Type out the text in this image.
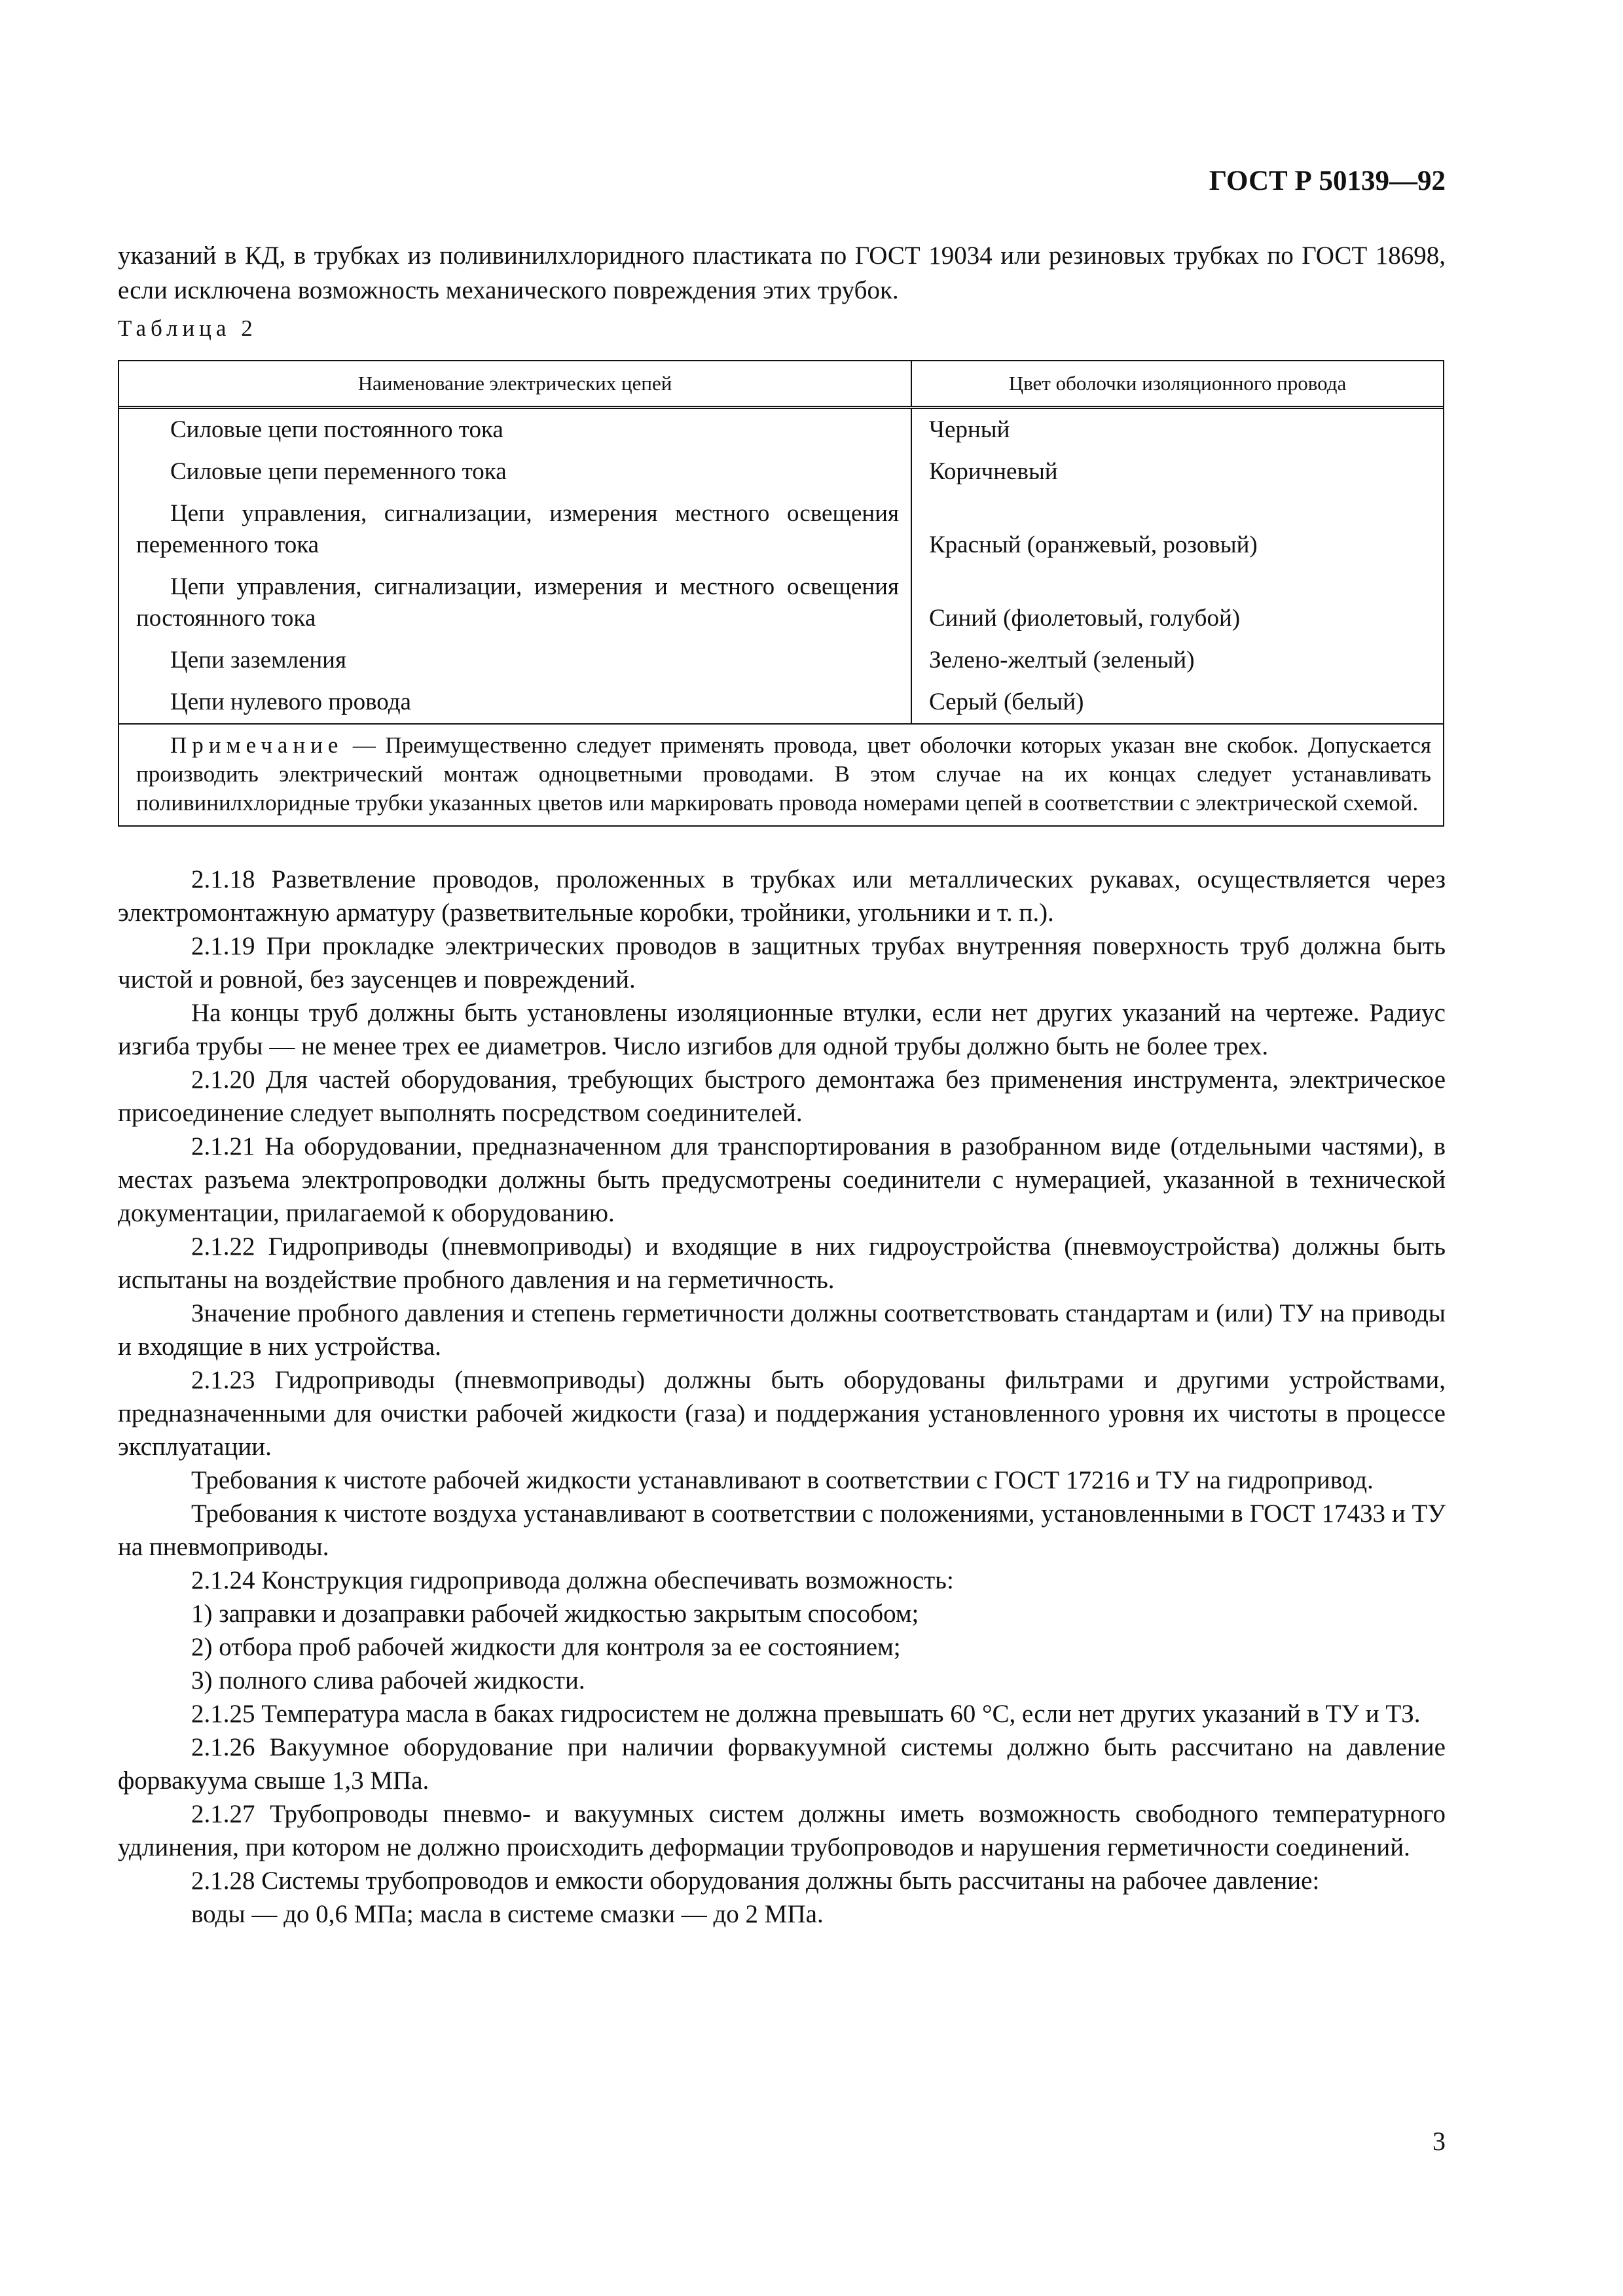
ГОСТ Р 50139—92
указаний в КД, в трубках из поливинилхлоридного пластиката по ГОСТ 19034 или резиновых трубках по ГОСТ 18698, если исключена возможность механического повреждения этих трубок.
Таблица 2
Наименование электрических цепей	Цвет оболочки изоляционного провода
Силовые цепи постоянного тока	Черный
Силовые цепи переменного тока	Коричневый
Цепи управления, сигнализации, измерения местного освещения переменного тока	Красный (оранжевый, розовый)
Цепи управления, сигнализации, измерения и местного освещения постоянного тока	Синий (фиолетовый, голубой)
Цепи заземления	Зелено-желтый (зеленый)
Цепи нулевого провода	Серый (белый)
Примечание — Преимущественно следует применять провода, цвет оболочки которых указан вне скобок. Допускается производить электрический монтаж одноцветными проводами. В этом случае на их концах следует устанавливать поливинилхлоридные трубки указанных цветов или маркировать провода номерами цепей в соответствии с электрической схемой.

2.1.18 Разветвление проводов, проложенных в трубках или металлических рукавах, осуществляется через электромонтажную арматуру (разветвительные коробки, тройники, угольники и т. п.).

2.1.19 При прокладке электрических проводов в защитных трубах внутренняя поверхность труб должна быть чистой и ровной, без заусенцев и повреждений.

На концы труб должны быть установлены изоляционные втулки, если нет других указаний на чертеже. Радиус изгиба трубы — не менее трех ее диаметров. Число изгибов для одной трубы должно быть не более трех.

2.1.20 Для частей оборудования, требующих быстрого демонтажа без применения инструмента, электрическое присоединение следует выполнять посредством соединителей.

2.1.21 На оборудовании, предназначенном для транспортирования в разобранном виде (отдельными частями), в местах разъема электропроводки должны быть предусмотрены соединители с нумерацией, указанной в технической документации, прилагаемой к оборудованию.

2.1.22 Гидроприводы (пневмоприводы) и входящие в них гидроустройства (пневмоустройства) должны быть испытаны на воздействие пробного давления и на герметичность.

Значение пробного давления и степень герметичности должны соответствовать стандартам и (или) ТУ на приводы и входящие в них устройства.

2.1.23 Гидроприводы (пневмоприводы) должны быть оборудованы фильтрами и другими устройствами, предназначенными для очистки рабочей жидкости (газа) и поддержания установленного уровня их чистоты в процессе эксплуатации.

Требования к чистоте рабочей жидкости устанавливают в соответствии с ГОСТ 17216 и ТУ на гидропривод.

Требования к чистоте воздуха устанавливают в соответствии с положениями, установленными в ГОСТ 17433 и ТУ на пневмоприводы.

2.1.24 Конструкция гидропривода должна обеспечивать возможность:

1) заправки и дозаправки рабочей жидкостью закрытым способом;

2) отбора проб рабочей жидкости для контроля за ее состоянием;

3) полного слива рабочей жидкости.

2.1.25 Температура масла в баках гидросистем не должна превышать 60 °С, если нет других указаний в ТУ и ТЗ.

2.1.26 Вакуумное оборудование при наличии форвакуумной системы должно быть рассчитано на давление форвакуума свыше 1,3 МПа.

2.1.27 Трубопроводы пневмо- и вакуумных систем должны иметь возможность свободного температурного удлинения, при котором не должно происходить деформации трубопроводов и нарушения герметичности соединений.

2.1.28 Системы трубопроводов и емкости оборудования должны быть рассчитаны на рабочее давление:

воды — до 0,6 МПа; масла в системе смазки — до 2 МПа.

3
